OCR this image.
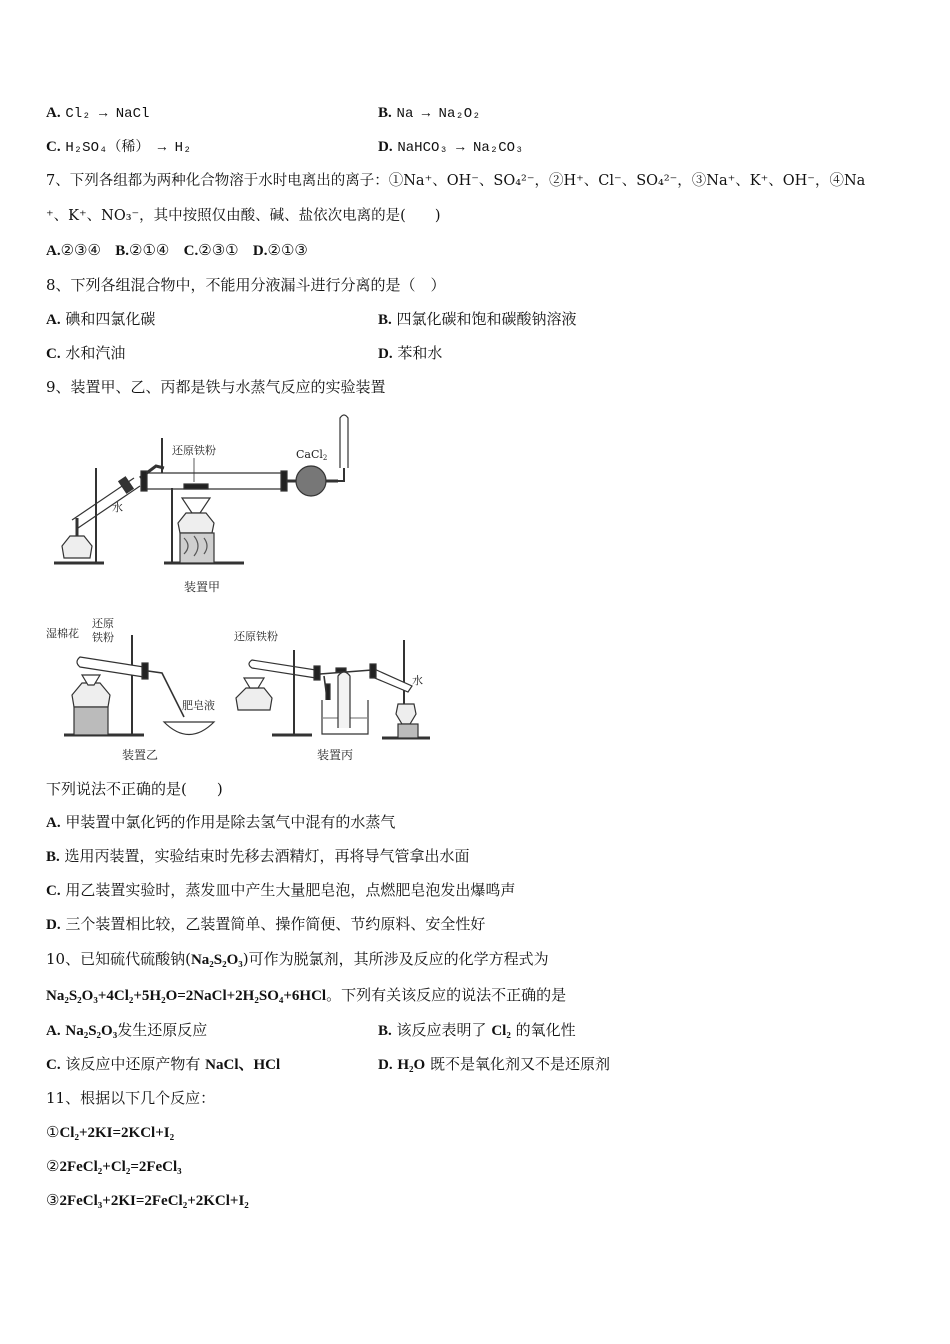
A. Cl₂ → NaCl	B. Na → Na₂O₂
C. H₂SO₄（稀） → H₂	D. NaHCO₃ → Na₂CO₃
7、下列各组都为两种化合物溶于水时电离出的离子：①Na⁺、OH⁻、SO₄²⁻，②H⁺、Cl⁻、SO₄²⁻，③Na⁺、K⁺、OH⁻，④Na
⁺、K⁺、NO₃⁻，其中按照仅由酸、碱、盐依次电离的是(　　)
A.②③④ B.②①④ C.②③① D.②①③
8、下列各组混合物中，不能用分液漏斗进行分离的是（　）
A. 碘和四氯化碳	B. 四氯化碳和饱和碳酸钠溶液
C. 水和汽油	D. 苯和水
9、装置甲、乙、丙都是铁与水蒸气反应的实验装置
水
还原铁粉	CaCl2
装置甲
湿棉花
还原
铁粉
肥皂液
装置乙
还原铁粉
水
装置丙
下列说法不正确的是(　　)
A. 甲装置中氯化钙的作用是除去氢气中混有的水蒸气
B. 选用丙装置，实验结束时先移去酒精灯，再将导气管拿出水面
C. 用乙装置实验时，蒸发皿中产生大量肥皂泡，点燃肥皂泡发出爆鸣声
D. 三个装置相比较，乙装置简单、操作简便、节约原料、安全性好
10、已知硫代硫酸钠(Na₂S₂O₃)可作为脱氯剂，其所涉及反应的化学方程式为
Na₂S₂O₃+4Cl₂+5H₂O=2NaCl+2H₂SO₄+6HCl。下列有关该反应的说法不正确的是
A. Na₂S₂O₃发生还原反应	B. 该反应表明了 Cl₂ 的氧化性
C. 该反应中还原产物有 NaCl、HCl	D. H₂O 既不是氧化剂又不是还原剂
11、根据以下几个反应：
①Cl₂+2KI=2KCl+I₂
②2FeCl₂+Cl₂=2FeCl₃
③2FeCl₃+2KI=2FeCl₂+2KCl+I₂
